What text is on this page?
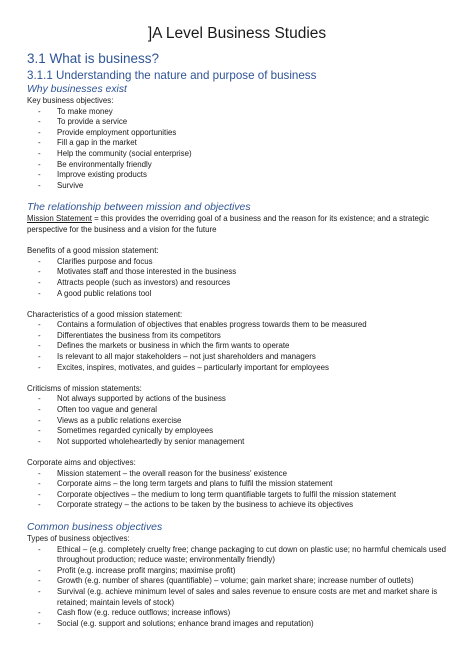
]A Level Business Studies
3.1 What is business?
3.1.1 Understanding the nature and purpose of business
Why businesses exist
Key business objectives:
- To make money
- To provide a service
- Provide employment opportunities
- Fill a gap in the market
- Help the community (social enterprise)
- Be environmentally friendly
- Improve existing products
- Survive
The relationship between mission and objectives
Mission Statement = this provides the overriding goal of a business and the reason for its existence; and a strategic perspective for the business and a vision for the future
Benefits of a good mission statement:
- Clarifies purpose and focus
- Motivates staff and those interested in the business
- Attracts people (such as investors) and resources
- A good public relations tool
Characteristics of a good mission statement:
- Contains a formulation of objectives that enables progress towards them to be measured
- Differentiates the business from its competitors
- Defines the markets or business in which the firm wants to operate
- Is relevant to all major stakeholders – not just shareholders and managers
- Excites, inspires, motivates, and guides – particularly important for employees
Criticisms of mission statements:
- Not always supported by actions of the business
- Often too vague and general
- Views as a public relations exercise
- Sometimes regarded cynically by employees
- Not supported wholeheartedly by senior management
Corporate aims and objectives:
- Mission statement – the overall reason for the business' existence
- Corporate aims – the long term targets and plans to fulfil the mission statement
- Corporate objectives – the medium to long term quantifiable targets to fulfil the mission statement
- Corporate strategy – the actions to be taken by the business to achieve its objectives
Common business objectives
Types of business objectives:
- Ethical – (e.g. completely cruelty free; change packaging to cut down on plastic use; no harmful chemicals used throughout production; reduce waste; environmentally friendly)
- Profit (e.g. increase profit margins; maximise profit)
- Growth (e.g. number of shares (quantifiable) – volume; gain market share; increase number of outlets)
- Survival (e.g. achieve minimum level of sales and sales revenue to ensure costs are met and market share is retained; maintain levels of stock)
- Cash flow (e.g. reduce outflows; increase inflows)
- Social (e.g. support and solutions; enhance brand images and reputation)
